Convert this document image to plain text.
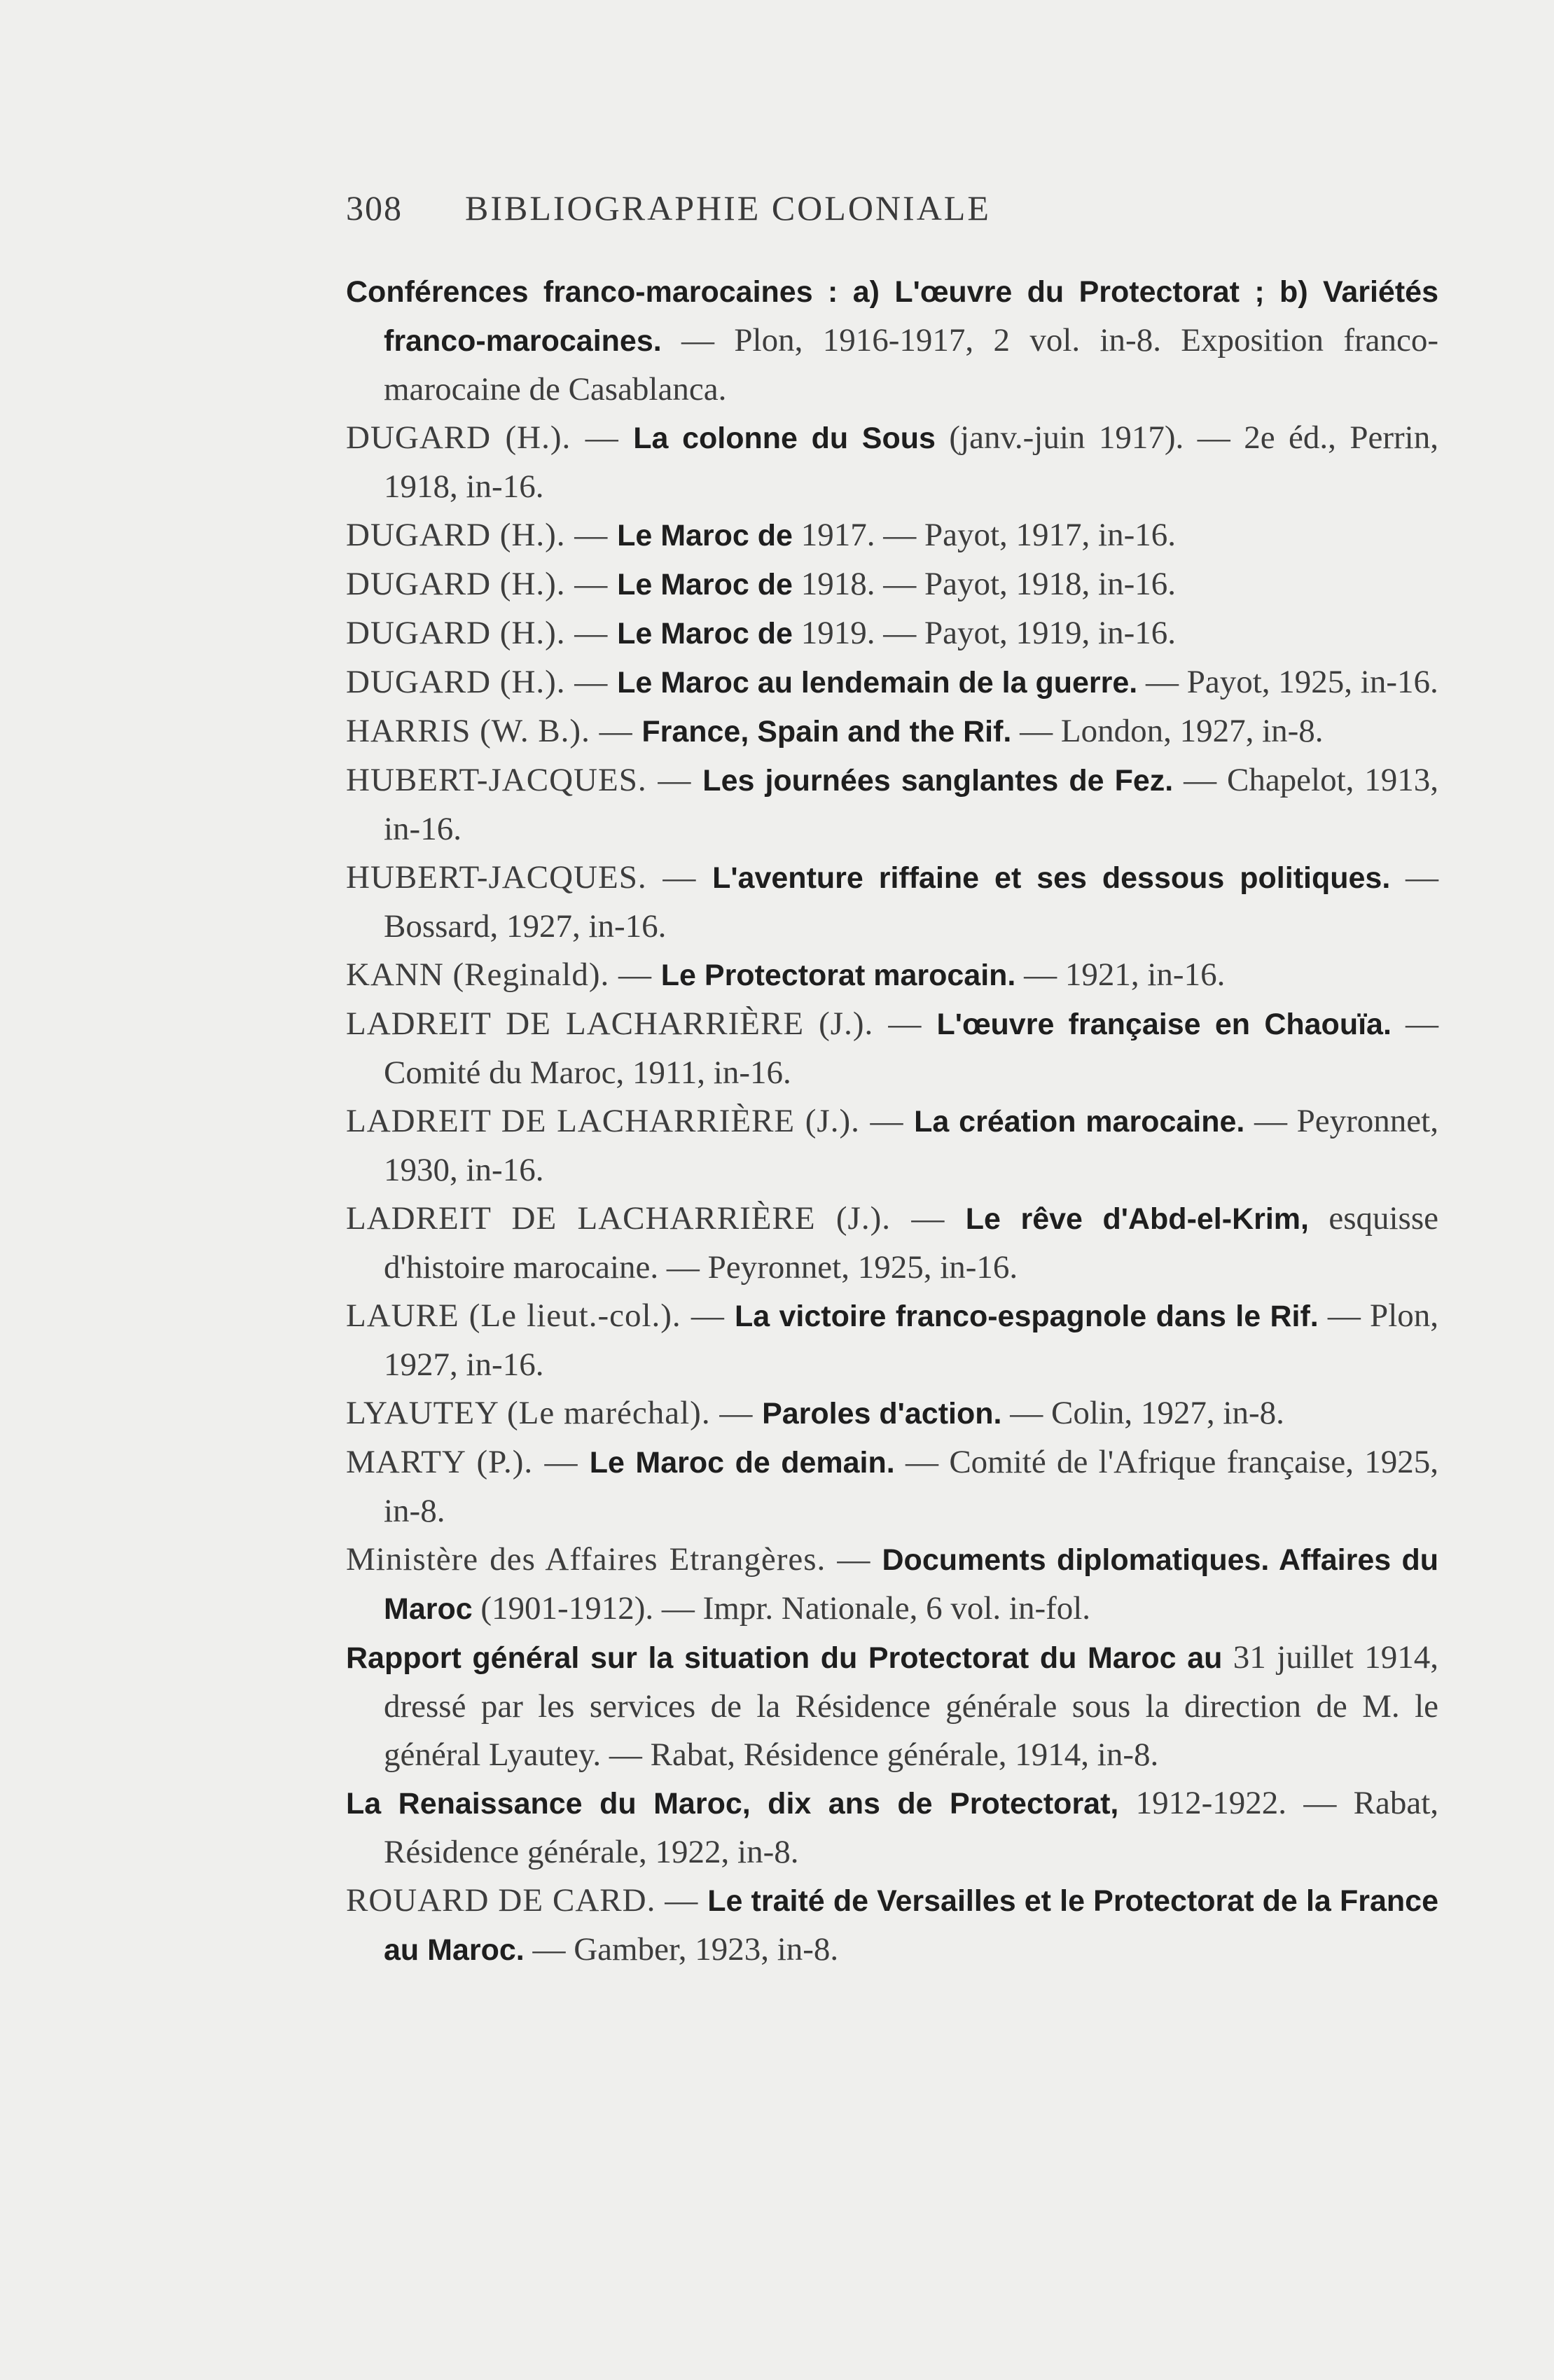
308 BIBLIOGRAPHIE COLONIALE

Conférences franco-marocaines : a) L'œuvre du Protectorat ; b) Variétés franco-marocaines. — Plon, 1916-1917, 2 vol. in-8. Exposition franco-marocaine de Casablanca.

DUGARD (H.). — La colonne du Sous (janv.-juin 1917). — 2e éd., Perrin, 1918, in-16.

DUGARD (H.). — Le Maroc de 1917. — Payot, 1917, in-16.

DUGARD (H.). — Le Maroc de 1918. — Payot, 1918, in-16.

DUGARD (H.). — Le Maroc de 1919. — Payot, 1919, in-16.

DUGARD (H.). — Le Maroc au lendemain de la guerre. — Payot, 1925, in-16.

HARRIS (W. B.). — France, Spain and the Rif. — London, 1927, in-8.

HUBERT-JACQUES. — Les journées sanglantes de Fez. — Chapelot, 1913, in-16.

HUBERT-JACQUES. — L'aventure riffaine et ses dessous politiques. — Bossard, 1927, in-16.

KANN (Reginald). — Le Protectorat marocain. — 1921, in-16.

LADREIT DE LACHARRIÈRE (J.). — L'œuvre française en Chaouïa. — Comité du Maroc, 1911, in-16.

LADREIT DE LACHARRIÈRE (J.). — La création marocaine. — Peyronnet, 1930, in-16.

LADREIT DE LACHARRIÈRE (J.). — Le rêve d'Abd-el-Krim, esquisse d'histoire marocaine. — Peyronnet, 1925, in-16.

LAURE (Le lieut.-col.). — La victoire franco-espagnole dans le Rif. — Plon, 1927, in-16.

LYAUTEY (Le maréchal). — Paroles d'action. — Colin, 1927, in-8.

MARTY (P.). — Le Maroc de demain. — Comité de l'Afrique française, 1925, in-8.

Ministère des Affaires Etrangères. — Documents diplomatiques. Affaires du Maroc (1901-1912). — Impr. Nationale, 6 vol. in-fol.

Rapport général sur la situation du Protectorat du Maroc au 31 juillet 1914, dressé par les services de la Résidence générale sous la direction de M. le général Lyautey. — Rabat, Résidence générale, 1914, in-8.

La Renaissance du Maroc, dix ans de Protectorat, 1912-1922. — Rabat, Résidence générale, 1922, in-8.

ROUARD DE CARD. — Le traité de Versailles et le Protectorat de la France au Maroc. — Gamber, 1923, in-8.
